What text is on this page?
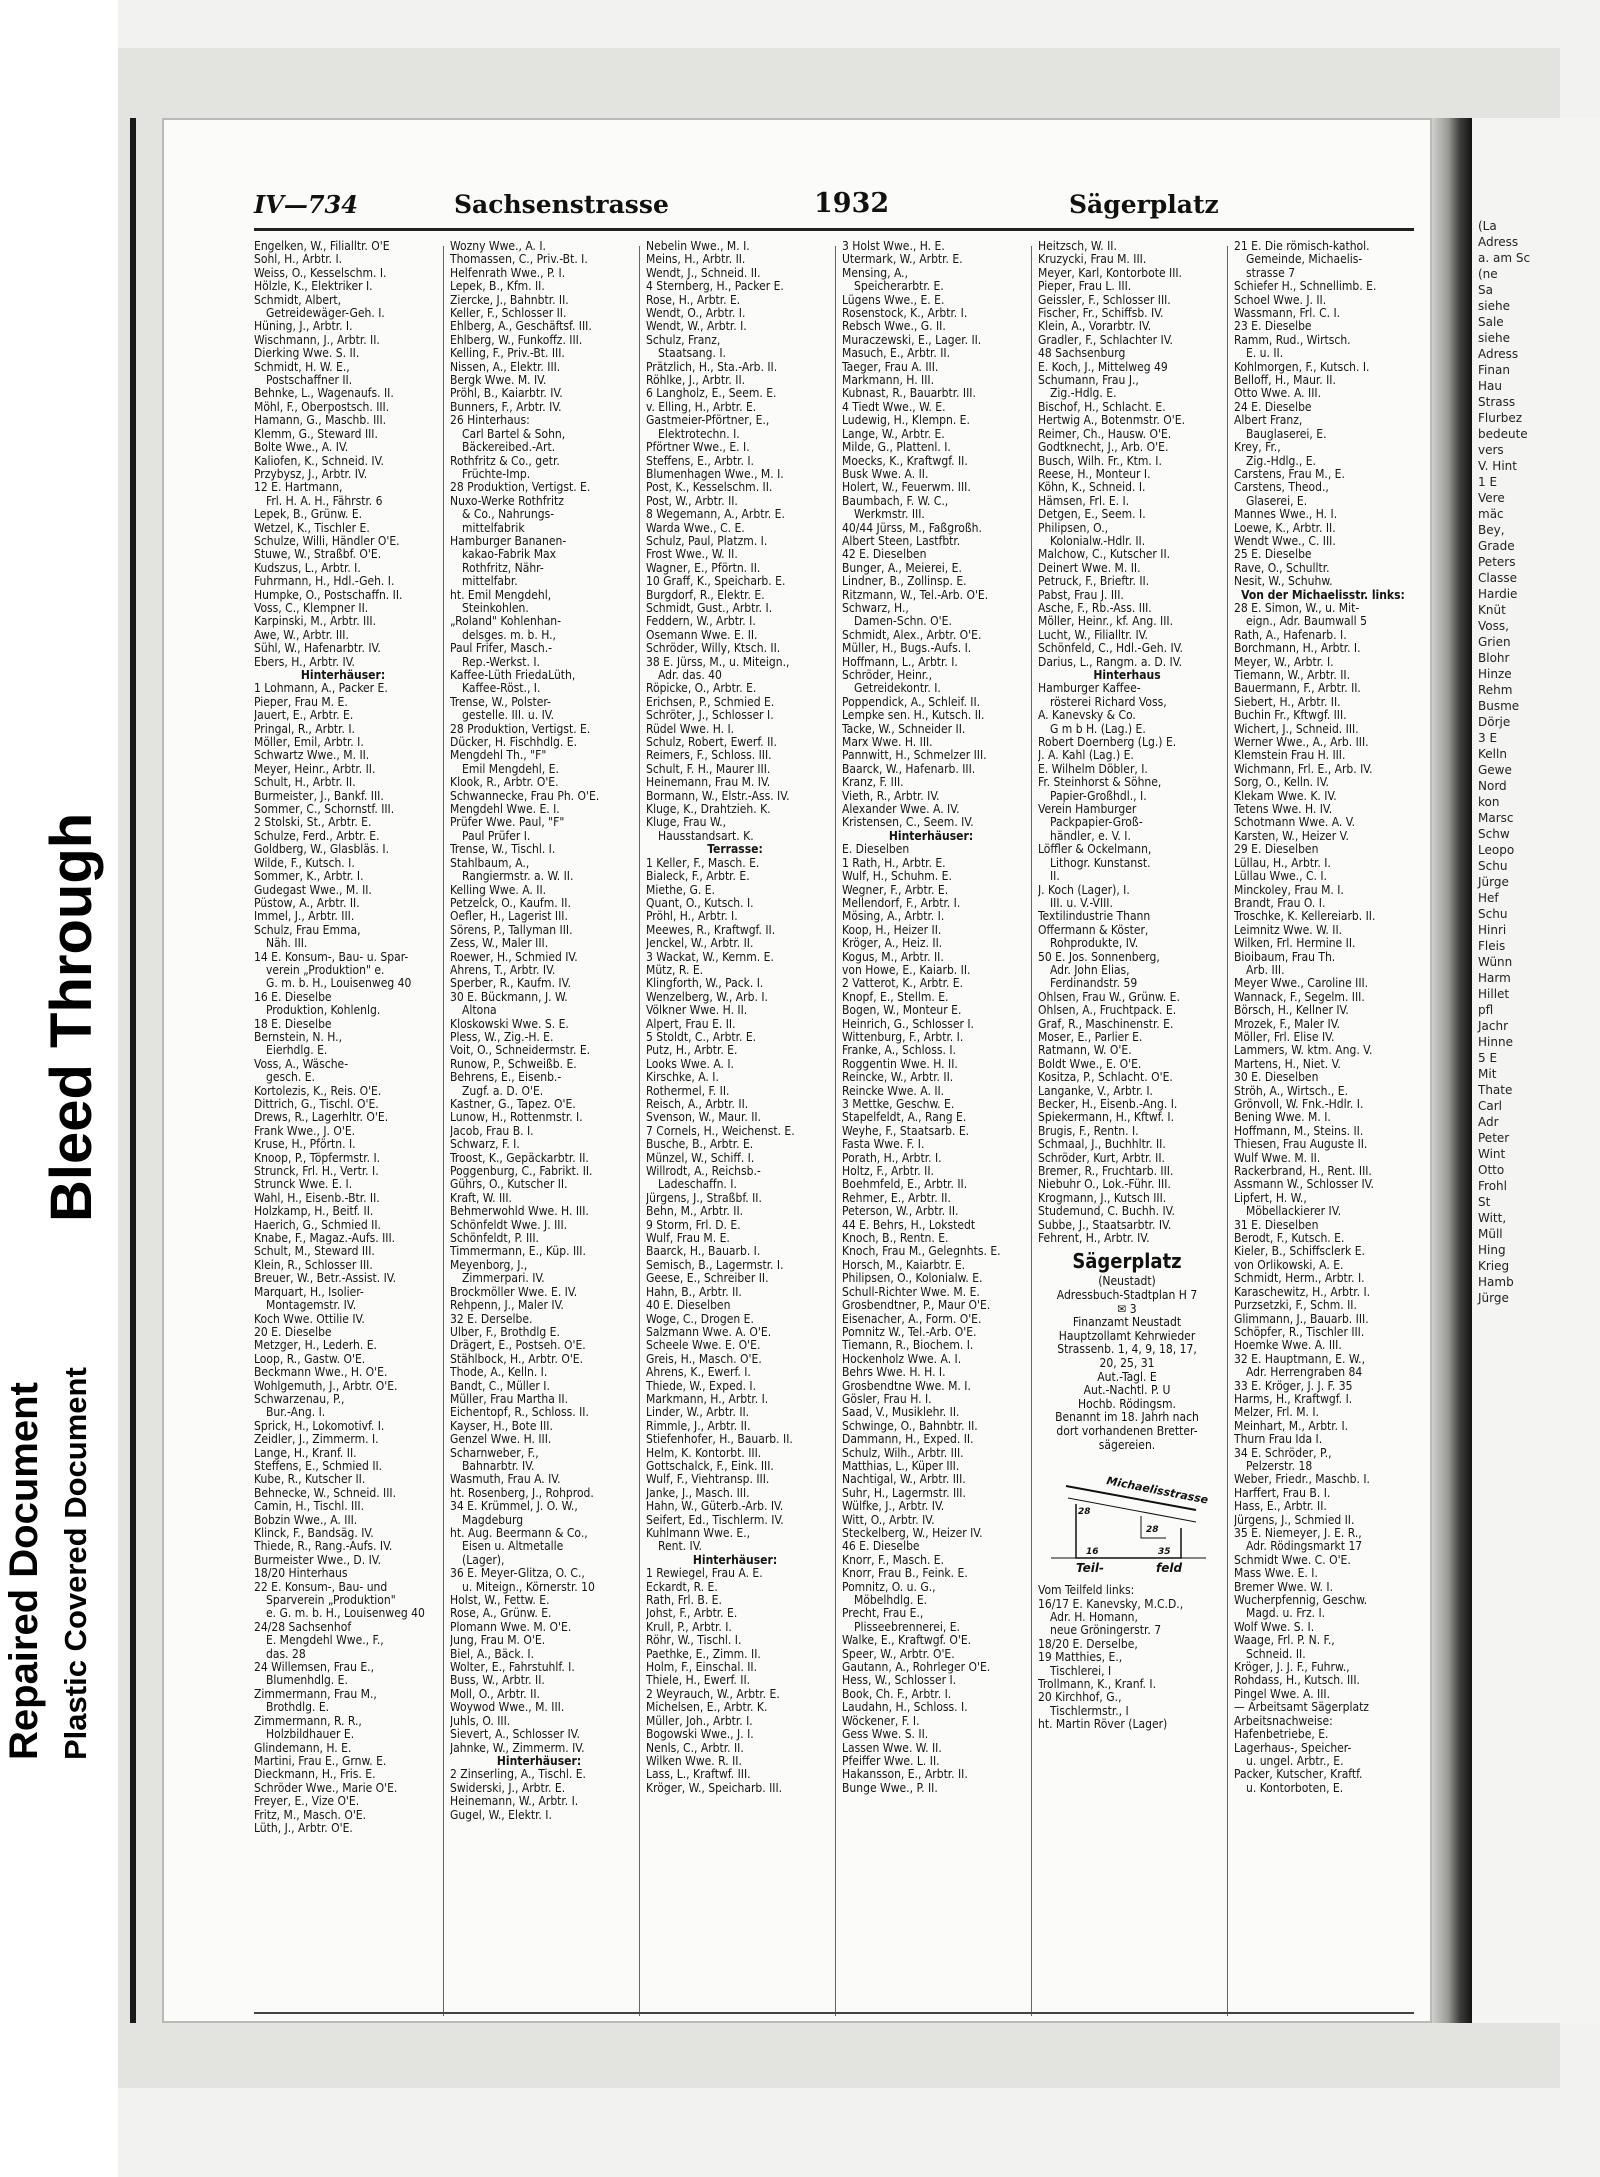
Repaired Document Plastic Covered Document
Bleed Through
(La
Adress
a. am Sc
(ne
Sa
siehe
Sale
siehe
Adress
Finan
Hau
Strass
Flurbez
bedeute
vers
V. Hint
1 E
Vere
mäc
Bey,
Grade
Peters
Classe
Hardie
Knüt
Voss,
Grien
Blohr
Hinze
Rehm
Busme
Dörje
3 E
Kelln
Gewe
Nord
kon
Marsc
Schw
Leopo
Schu
Jürge
Hef
Schu
Hinri
Fleis
Wünn
Harm
Hillet
pfl
Jachr
Hinne
5 E
Mit
Thate
Carl
Adr
Peter
Wint
Otto
Frohl
St
Witt,
Müll
Hing
Krieg
Hamb
Jürge
IV—734	Sachsenstrasse	1932	Sägerplatz
Engelken, W., Filialltr. O'E
Sohl, H., Arbtr. I.
Weiss, O., Kesselschm. I.
Hölzle, K., Elektriker I.
Schmidt, Albert,
Getreidewäger-Geh. I.
Hüning, J., Arbtr. I.
Wischmann, J., Arbtr. II.
Dierking Wwe. S. II.
Schmidt, H. W. E.,
Postschaffner II.
Behnke, L., Wagenaufs. II.
Möhl, F., Oberpostsch. III.
Hamann, G., Maschb. III.
Klemm, G., Steward III.
Bolte Wwe., A. IV.
Kaliofen, K., Schneid. IV.
Przybysz, J., Arbtr. IV.
12 E. Hartmann,
Frl. H. A. H., Fährstr. 6
Lepek, B., Grünw. E.
Wetzel, K., Tischler E.
Schulze, Willi, Händler O'E.
Stuwe, W., Straßbf. O'E.
Kudszus, L., Arbtr. I.
Fuhrmann, H., Hdl.-Geh. I.
Humpke, O., Postschaffn. II.
Voss, C., Klempner II.
Karpinski, M., Arbtr. III.
Awe, W., Arbtr. III.
Sühl, W., Hafenarbtr. IV.
Ebers, H., Arbtr. IV.
Hinterhäuser:
1 Lohmann, A., Packer E.
Pieper, Frau M. E.
Jauert, E., Arbtr. E.
Pringal, R., Arbtr. I.
Möller, Emil, Arbtr. I.
Schwartz Wwe., M. II.
Meyer, Heinr., Arbtr. II.
Schult, H., Arbtr. II.
Burmeister, J., Bankf. III.
Sommer, C., Schornstf. III.
2 Stolski, St., Arbtr. E.
Schulze, Ferd., Arbtr. E.
Goldberg, W., Glasbläs. I.
Wilde, F., Kutsch. I.
Sommer, K., Arbtr. I.
Gudegast Wwe., M. II.
Püstow, A., Arbtr. II.
Immel, J., Arbtr. III.
Schulz, Frau Emma,
Näh. III.
14 E. Konsum-, Bau- u. Spar-
verein „Produktion" e.
G. m. b. H., Louisenweg 40
16 E. Dieselbe
Produktion, Kohlenlg.
18 E. Dieselbe
Bernstein, N. H.,
Eierhdlg. E.
Voss, A., Wäsche-
gesch. E.
Kortolezis, K., Reis. O'E.
Dittrich, G., Tischl. O'E.
Drews, R., Lagerhltr. O'E.
Frank Wwe., J. O'E.
Kruse, H., Pförtn. I.
Knoop, P., Töpfermstr. I.
Strunck, Frl. H., Vertr. I.
Strunck Wwe. E. I.
Wahl, H., Eisenb.-Btr. II.
Holzkamp, H., Beitf. II.
Haerich, G., Schmied II.
Knabe, F., Magaz.-Aufs. III.
Schult, M., Steward III.
Klein, R., Schlosser III.
Breuer, W., Betr.-Assist. IV.
Marquart, H., Isolier-
Montagemstr. IV.
Koch Wwe. Ottilie IV.
20 E. Dieselbe
Metzger, H., Lederh. E.
Loop, R., Gastw. O'E.
Beckmann Wwe., H. O'E.
Wohlgemuth, J., Arbtr. O'E.
Schwarzenau, P.,
Bur.-Ang. I.
Sprick, H., Lokomotivf. I.
Zeidler, J., Zimmerm. I.
Lange, H., Kranf. II.
Steffens, E., Schmied II.
Kube, R., Kutscher II.
Behnecke, W., Schneid. III.
Camin, H., Tischl. III.
Bobzin Wwe., A. III.
Klinck, F., Bandsäg. IV.
Thiede, R., Rang.-Aufs. IV.
Burmeister Wwe., D. IV.
18/20 Hinterhaus
22 E. Konsum-, Bau- und
Sparverein „Produktion"
e. G. m. b. H., Louisenweg 40
24/28 Sachsenhof
E. Mengdehl Wwe., F.,
das. 28
24 Willemsen, Frau E.,
Blumenhdlg. E.
Zimmermann, Frau M.,
Brothdlg. E.
Zimmermann, R. R.,
Holzbildhauer E.
Glindemann, H. E.
Martini, Frau E., Grnw. E.
Dieckmann, H., Fris. E.
Schröder Wwe., Marie O'E.
Freyer, E., Vize O'E.
Fritz, M., Masch. O'E.
Lüth, J., Arbtr. O'E.
Wozny Wwe., A. I.
Thomassen, C., Priv.-Bt. I.
Helfenrath Wwe., P. I.
Lepek, B., Kfm. II.
Ziercke, J., Bahnbtr. II.
Keller, F., Schlosser II.
Ehlberg, A., Geschäftsf. III.
Ehlberg, W., Funkoffz. III.
Kelling, F., Priv.-Bt. III.
Nissen, A., Elektr. III.
Bergk Wwe. M. IV.
Pröhl, B., Kaiarbtr. IV.
Bunners, F., Arbtr. IV.
26 Hinterhaus:
Carl Bartel & Sohn,
Bäckereibed.-Art.
Rothfritz & Co., getr.
Früchte-Imp.
28 Produktion, Vertigst. E.
Nuxo-Werke Rothfritz
& Co., Nahrungs-
mittelfabrik
Hamburger Bananen-
kakao-Fabrik Max
Rothfritz, Nähr-
mittelfabr.
ht. Emil Mengdehl,
Steinkohlen.
„Roland" Kohlenhan-
delsges. m. b. H.,
Paul Frifer, Masch.-
Rep.-Werkst. I.
Kaffee-Lüth FriedaLüth,
Kaffee-Röst., I.
Trense, W., Polster-
gestelle. III. u. IV.
28 Produktion, Vertigst. E.
Dücker, H. Fischhdlg. E.
Mengdehl Th., "F"
Emil Mengdehl, E.
Klook, R., Arbtr. O'E.
Schwannecke, Frau Ph. O'E.
Mengdehl Wwe. E. I.
Prüfer Wwe. Paul, "F"
Paul Prüfer I.
Trense, W., Tischl. I.
Stahlbaum, A.,
Rangiermstr. a. W. II.
Kelling Wwe. A. II.
Petzelck, O., Kaufm. II.
Oefler, H., Lagerist III.
Sörens, P., Tallyman III.
Zess, W., Maler III.
Roewer, H., Schmied IV.
Ahrens, T., Arbtr. IV.
Sperber, R., Kaufm. IV.
30 E. Bückmann, J. W.
Altona
Kloskowski Wwe. S. E.
Pless, W., Zig.-H. E.
Voit, O., Schneidermstr. E.
Runow, P., Schweißb. E.
Behrens, E., Eisenb.-
Zugf. a. D. O'E.
Kastner, G., Tapez. O'E.
Lunow, H., Rottenmstr. I.
Jacob, Frau B. I.
Schwarz, F. I.
Troost, K., Gepäckarbtr. II.
Poggenburg, C., Fabrikt. II.
Gührs, O., Kutscher II.
Kraft, W. III.
Behmerwohld Wwe. H. III.
Schönfeldt Wwe. J. III.
Schönfeldt, P. III.
Timmermann, E., Küp. III.
Meyenborg, J.,
Zimmerpari. IV.
Brockmöller Wwe. E. IV.
Rehpenn, J., Maler IV.
32 E. Derselbe.
Ulber, F., Brothdlg E.
Drägert, E., Postseh. O'E.
Stählbock, H., Arbtr. O'E.
Thode, A., Kelln. I.
Bandt, C., Müller I.
Müller, Frau Martha II.
Eichentopf, R., Schloss. II.
Kayser, H., Bote III.
Genzel Wwe. H. III.
Scharnweber, F.,
Bahnarbtr. IV.
Wasmuth, Frau A. IV.
ht. Rosenberg, J., Rohprod.
34 E. Krümmel, J. O. W.,
Magdeburg
ht. Aug. Beermann & Co.,
Eisen u. Altmetalle
(Lager),
36 E. Meyer-Glitza, O. C.,
u. Miteign., Körnerstr. 10
Holst, W., Fettw. E.
Rose, A., Grünw. E.
Plomann Wwe. M. O'E.
Jung, Frau M. O'E.
Biel, A., Bäck. I.
Wolter, E., Fahrstuhlf. I.
Buss, W., Arbtr. II.
Moll, O., Arbtr. II.
Woywod Wwe., M. III.
Juhls, O. III.
Sievert, A., Schlosser IV.
Jahnke, W., Zimmerm. IV.
Hinterhäuser:
2 Zinserling, A., Tischl. E.
Swiderski, J., Arbtr. E.
Heinemann, W., Arbtr. I.
Gugel, W., Elektr. I.
Nebelin Wwe., M. I.
Meins, H., Arbtr. II.
Wendt, J., Schneid. II.
4 Sternberg, H., Packer E.
Rose, H., Arbtr. E.
Wendt, O., Arbtr. I.
Wendt, W., Arbtr. I.
Schulz, Franz,
Staatsang. I.
Prätzlich, H., Sta.-Arb. II.
Röhlke, J., Arbtr. II.
6 Langholz, E., Seem. E.
v. Elling, H., Arbtr. E.
Gastmeier-Pförtner, E.,
Elektrotechn. I.
Pförtner Wwe., E. I.
Steffens, E., Arbtr. I.
Blumenhagen Wwe., M. I.
Post, K., Kesselschm. II.
Post, W., Arbtr. II.
8 Wegemann, A., Arbtr. E.
Warda Wwe., C. E.
Schulz, Paul, Platzm. I.
Frost Wwe., W. II.
Wagner, E., Pförtn. II.
10 Graff, K., Speicharb. E.
Burgdorf, R., Elektr. E.
Schmidt, Gust., Arbtr. I.
Feddern, W., Arbtr. I.
Osemann Wwe. E. II.
Schröder, Willy, Ktsch. II.
38 E. Jürss, M., u. Miteign.,
Adr. das. 40
Röpicke, O., Arbtr. E.
Erichsen, P., Schmied E.
Schröter, J., Schlosser I.
Rüdel Wwe. H. I.
Schulz, Robert, Ewerf. II.
Reimers, F., Schloss. III.
Schult, F. H., Maurer III.
Heinemann, Frau M. IV.
Bormann, W., Elstr.-Ass. IV.
Kluge, K., Drahtzieh. K.
Kluge, Frau W.,
Hausstandsart. K.
Terrasse:
1 Keller, F., Masch. E.
Bialeck, F., Arbtr. E.
Miethe, G. E.
Quant, O., Kutsch. I.
Pröhl, H., Arbtr. I.
Meewes, R., Kraftwgf. II.
Jenckel, W., Arbtr. II.
3 Wackat, W., Kernm. E.
Mütz, R. E.
Klingforth, W., Pack. I.
Wenzelberg, W., Arb. I.
Völkner Wwe. H. II.
Alpert, Frau E. II.
5 Stoldt, C., Arbtr. E.
Putz, H., Arbtr. E.
Looks Wwe. A. I.
Kirschke, A. I.
Rothermel, F. II.
Reisch, A., Arbtr. II.
Svenson, W., Maur. II.
7 Cornels, H., Weichenst. E.
Busche, B., Arbtr. E.
Münzel, W., Schiff. I.
Willrodt, A., Reichsb.-
Ladeschaffn. I.
Jürgens, J., Straßbf. II.
Behn, M., Arbtr. II.
9 Storm, Frl. D. E.
Wulf, Frau M. E.
Baarck, H., Bauarb. I.
Semisch, B., Lagermstr. I.
Geese, E., Schreiber II.
Hahn, B., Arbtr. II.
40 E. Dieselben
Woge, C., Drogen E.
Salzmann Wwe. A. O'E.
Scheele Wwe. E. O'E.
Greis, H., Masch. O'E.
Ahrens, K., Ewerf. I.
Thiede, W., Exped. I.
Markmann, H., Arbtr. I.
Linder, W., Arbtr. II.
Rimmle, J., Arbtr. II.
Stiefenhofer, H., Bauarb. II.
Helm, K. Kontorbt. III.
Gottschalck, F., Eink. III.
Wulf, F., Viehtransp. III.
Janke, J., Masch. III.
Hahn, W., Güterb.-Arb. IV.
Seifert, Ed., Tischlerm. IV.
Kuhlmann Wwe. E.,
Rent. IV.
Hinterhäuser:
1 Rewiegel, Frau A. E.
Eckardt, R. E.
Rath, Frl. B. E.
Johst, F., Arbtr. E.
Krull, P., Arbtr. I.
Röhr, W., Tischl. I.
Paethke, E., Zimm. II.
Holm, F., Einschal. II.
Thiele, H., Ewerf. II.
2 Weyrauch, W., Arbtr. E.
Michelsen, E., Arbtr. K.
Müller, Joh., Arbtr. I.
Bogowski Wwe., J. I.
Nenls, C., Arbtr. II.
Wilken Wwe. R. II.
Lass, L., Kraftwf. III.
Kröger, W., Speicharb. III.
3 Holst Wwe., H. E.
Utermark, W., Arbtr. E.
Mensing, A.,
Speicherarbtr. E.
Lügens Wwe., E. E.
Rosenstock, K., Arbtr. I.
Rebsch Wwe., G. II.
Muraczewski, E., Lager. II.
Masuch, E., Arbtr. II.
Taeger, Frau A. III.
Markmann, H. III.
Kubnast, R., Bauarbtr. III.
4 Tiedt Wwe., W. E.
Ludewig, H., Klempn. E.
Lange, W., Arbtr. E.
Milde, G., Plattenl. I.
Moecks, K., Kraftwgf. II.
Busk Wwe. A. II.
Holert, W., Feuerwm. III.
Baumbach, F. W. C.,
Werkmstr. III.
40/44 Jürss, M., Faßgroßh.
Albert Steen, Lastfbtr.
42 E. Dieselben
Bunger, A., Meierei, E.
Lindner, B., Zollinsp. E.
Ritzmann, W., Tel.-Arb. O'E.
Schwarz, H.,
Damen-Schn. O'E.
Schmidt, Alex., Arbtr. O'E.
Müller, H., Bugs.-Aufs. I.
Hoffmann, L., Arbtr. I.
Schröder, Heinr.,
Getreidekontr. I.
Poppendick, A., Schleif. II.
Lempke sen. H., Kutsch. II.
Tacke, W., Schneider II.
Marx Wwe. H. III.
Pannwitt, H., Schmelzer III.
Baarck, W., Hafenarb. III.
Kranz, F. III.
Vieth, R., Arbtr. IV.
Alexander Wwe. A. IV.
Kristensen, C., Seem. IV.
Hinterhäuser:
E. Dieselben
1 Rath, H., Arbtr. E.
Wulf, H., Schuhm. E.
Wegner, F., Arbtr. E.
Mellendorf, F., Arbtr. I.
Mösing, A., Arbtr. I.
Koop, H., Heizer II.
Kröger, A., Heiz. II.
Kogus, M., Arbtr. II.
von Howe, E., Kaiarb. II.
2 Vatterot, K., Arbtr. E.
Knopf, E., Stellm. E.
Bogen, W., Monteur E.
Heinrich, G., Schlosser I.
Wittenburg, F., Arbtr. I.
Franke, A., Schloss. I.
Roggentin Wwe. H. II.
Reincke, W., Arbtr. II.
Reincke Wwe. A. II.
3 Mettke, Geschw. E.
Stapelfeldt, A., Rang E.
Weyhe, F., Staatsarb. E.
Fasta Wwe. F. I.
Porath, H., Arbtr. I.
Holtz, F., Arbtr. II.
Boehmfeld, E., Arbtr. II.
Rehmer, E., Arbtr. II.
Peterson, W., Arbtr. II.
44 E. Behrs, H., Lokstedt
Knoch, B., Rentn. E.
Knoch, Frau M., Gelegnhts. E.
Horsch, M., Kaiarbtr. E.
Philipsen, O., Kolonialw. E.
Schull-Richter Wwe. M. E.
Grosbendtner, P., Maur O'E.
Eisenacher, A., Form. O'E.
Pomnitz W., Tel.-Arb. O'E.
Tiemann, R., Biochem. I.
Hockenholz Wwe. A. I.
Behrs Wwe. H. H. I.
Grosbendtne Wwe. M. I.
Gösler, Frau H. I.
Saad, V., Musiklehr. II.
Schwinge, O., Bahnbtr. II.
Dammann, H., Exped. II.
Schulz, Wilh., Arbtr. III.
Matthias, L., Küper III.
Nachtigal, W., Arbtr. III.
Suhr, H., Lagermstr. III.
Wülfke, J., Arbtr. IV.
Witt, O., Arbtr. IV.
Steckelberg, W., Heizer IV.
46 E. Dieselbe
Knorr, F., Masch. E.
Knorr, Frau B., Feink. E.
Pomnitz, O. u. G.,
Möbelhdlg. E.
Precht, Frau E.,
Plisseebrennerei, E.
Walke, E., Kraftwgf. O'E.
Speer, W., Arbtr. O'E.
Gautann, A., Rohrleger O'E.
Hess, W., Schlosser I.
Book, Ch. F., Arbtr. I.
Laudahn, H., Schloss. I.
Wöckener, F. I.
Gess Wwe. S. II.
Lassen Wwe. W. II.
Pfeiffer Wwe. L. II.
Hakansson, E., Arbtr. II.
Bunge Wwe., P. II.
Heitzsch, W. II.
Kruzycki, Frau M. III.
Meyer, Karl, Kontorbote III.
Pieper, Frau L. III.
Geissler, F., Schlosser III.
Fischer, Fr., Schiffsb. IV.
Klein, A., Vorarbtr. IV.
Gradler, F., Schlachter IV.
48 Sachsenburg
E. Koch, J., Mittelweg 49
Schumann, Frau J.,
Zig.-Hdlg. E.
Bischof, H., Schlacht. E.
Hertwig A., Botenmstr. O'E.
Reimer, Ch., Hausw. O'E.
Godtknecht, J., Arb. O'E.
Busch, Wilh. Fr., Ktm. I.
Reese, H., Monteur I.
Köhn, K., Schneid. I.
Hämsen, Frl. E. I.
Detgen, E., Seem. I.
Philipsen, O.,
Kolonialw.-Hdlr. II.
Malchow, C., Kutscher II.
Deinert Wwe. M. II.
Petruck, F., Brieftr. II.
Pabst, Frau J. III.
Asche, F., Rb.-Ass. III.
Möller, Heinr., kf. Ang. III.
Lucht, W., Filialltr. IV.
Schönfeld, C., Hdl.-Geh. IV.
Darius, L., Rangm. a. D. IV.
Hinterhaus
Hamburger Kaffee-
rösterei Richard Voss,
A. Kanevsky & Co.
G m b H. (Lag.) E.
Robert Doernberg (Lg.) E.
J. A. Kahl (Lag.) E.
E. Wilhelm Döbler, I.
Fr. Steinhorst & Söhne,
Papier-Großhdl., I.
Verein Hamburger
Packpapier-Groß-
händler, e. V. I.
Löffler & Ockelmann,
Lithogr. Kunstanst.
II.
J. Koch (Lager), I.
III. u. V.-VIII.
Textilindustrie Thann
Offermann & Köster,
Rohprodukte, IV.
50 E. Jos. Sonnenberg,
Adr. John Elias,
Ferdinandstr. 59
Ohlsen, Frau W., Grünw. E.
Ohlsen, A., Fruchtpack. E.
Graf, R., Maschinenstr. E.
Moser, E., Parlier E.
Ratmann, W. O'E.
Boldt Wwe., E. O'E.
Kositza, P., Schlacht. O'E.
Langanke, V., Arbtr. I.
Becker, H., Eisenb.-Ang. I.
Spiekermann, H., Kftwf. I.
Brugis, F., Rentn. I.
Schmaal, J., Buchhltr. II.
Schröder, Kurt, Arbtr. II.
Bremer, R., Fruchtarb. III.
Niebuhr O., Lok.-Führ. III.
Krogmann, J., Kutsch III.
Studemund, C. Buchh. IV.
Subbe, J., Staatsarbtr. IV.
Fehrent, H., Arbtr. IV.
Sägerplatz
(Neustadt)
Adressbuch-Stadtplan H 7
✉ 3
Finanzamt Neustadt
Hauptzollamt Kehrwieder
Strassenb. 1, 4, 9, 18, 17,
20, 25, 31
Aut.-Tagl. E
Aut.-Nachtl. P. U
Hochb. Rödingsm.
Benannt im 18. Jahrh nach
dort vorhandenen Bretter-
sägereien.
Michaelisstrasse
Teil-	feld
28
16	35
28
Vom Teilfeld links:
16/17 E. Kanevsky, M.C.D.,
Adr. H. Homann,
neue Gröningerstr. 7
18/20 E. Derselbe,
19 Matthies, E.,
Tischlerei, I
Trollmann, K., Kranf. I.
20 Kirchhof, G.,
Tischlermstr., I
ht. Martin Röver (Lager)
21 E. Die römisch-kathol.
Gemeinde, Michaelis-
strasse 7
Schiefer H., Schnellimb. E.
Schoel Wwe. J. II.
Wassmann, Frl. C. I.
23 E. Dieselbe
Ramm, Rud., Wirtsch.
E. u. II.
Kohlmorgen, F., Kutsch. I.
Belloff, H., Maur. II.
Otto Wwe. A. III.
24 E. Dieselbe
Albert Franz,
Bauglaserei, E.
Krey, Fr.,
Zig.-Hdlg., E.
Carstens, Frau M., E.
Carstens, Theod.,
Glaserei, E.
Mannes Wwe., H. I.
Loewe, K., Arbtr. II.
Wendt Wwe., C. III.
25 E. Dieselbe
Rave, O., Schulltr.
Nesit, W., Schuhw.
Von der Michaelisstr. links:
28 E. Simon, W., u. Mit-
eign., Adr. Baumwall 5
Rath, A., Hafenarb. I.
Borchmann, H., Arbtr. I.
Meyer, W., Arbtr. I.
Tiemann, W., Arbtr. II.
Bauermann, F., Arbtr. II.
Siebert, H., Arbtr. II.
Buchin Fr., Kftwgf. III.
Wichert, J., Schneid. III.
Werner Wwe., A., Arb. III.
Klemstein Frau H. III.
Wichmann, Frl. E., Arb. IV.
Sorg, O., Kelln. IV.
Klekam Wwe. K. IV.
Tetens Wwe. H. IV.
Schotmann Wwe. A. V.
Karsten, W., Heizer V.
29 E. Dieselben
Lüllau, H., Arbtr. I.
Lüllau Wwe., C. I.
Minckoley, Frau M. I.
Brandt, Frau O. I.
Troschke, K. Kellereiarb. II.
Leimnitz Wwe. W. II.
Wilken, Frl. Hermine II.
Bioibaum, Frau Th.
Arb. III.
Meyer Wwe., Caroline III.
Wannack, F., Segelm. III.
Börsch, H., Kellner IV.
Mrozek, F., Maler IV.
Möller, Frl. Elise IV.
Lammers, W. ktm. Ang. V.
Martens, H., Niet. V.
30 E. Dieselben
Ströh, A., Wirtsch., E.
Grönvoll, W. Fnk.-Hdlr. I.
Bening Wwe. M. I.
Hoffmann, M., Steins. II.
Thiesen, Frau Auguste II.
Wulf Wwe. M. II.
Rackerbrand, H., Rent. III.
Assmann W., Schlosser IV.
Lipfert, H. W.,
Möbellackierer IV.
31 E. Dieselben
Berodt, F., Kutsch. E.
Kieler, B., Schiffsclerk E.
von Orlikowski, A. E.
Schmidt, Herm., Arbtr. I.
Karaschewitz, H., Arbtr. I.
Purzsetzki, F., Schm. II.
Glimmann, J., Bauarb. III.
Schöpfer, R., Tischler III.
Hoemke Wwe. A. III.
32 E. Hauptmann, E. W.,
Adr. Herrengraben 84
33 E. Kröger, J. J. F. 35
Harms, H., Kraftwgf. I.
Melzer, Frl. M. I.
Meinhart, M., Arbtr. I.
Thurn Frau Ida I.
34 E. Schröder, P.,
Pelzerstr. 18
Weber, Friedr., Maschb. I.
Harffert, Frau B. I.
Hass, E., Arbtr. II.
Jürgens, J., Schmied II.
35 E. Niemeyer, J. E. R.,
Adr. Rödingsmarkt 17
Schmidt Wwe. C. O'E.
Mass Wwe. E. I.
Bremer Wwe. W. I.
Wucherpfennig, Geschw.
Magd. u. Frz. I.
Wolf Wwe. S. I.
Waage, Frl. P. N. F.,
Schneid. II.
Kröger, J. J. F., Fuhrw.,
Rohdass, H., Kutsch. III.
Pingel Wwe. A. III.
— Arbeitsamt Sägerplatz
Arbeitsnachweise:
Hafenbetriebe, E.
Lagerhaus-, Speicher-
u. ungel. Arbtr., E.
Packer, Kutscher, Kraftf.
u. Kontorboten, E.
